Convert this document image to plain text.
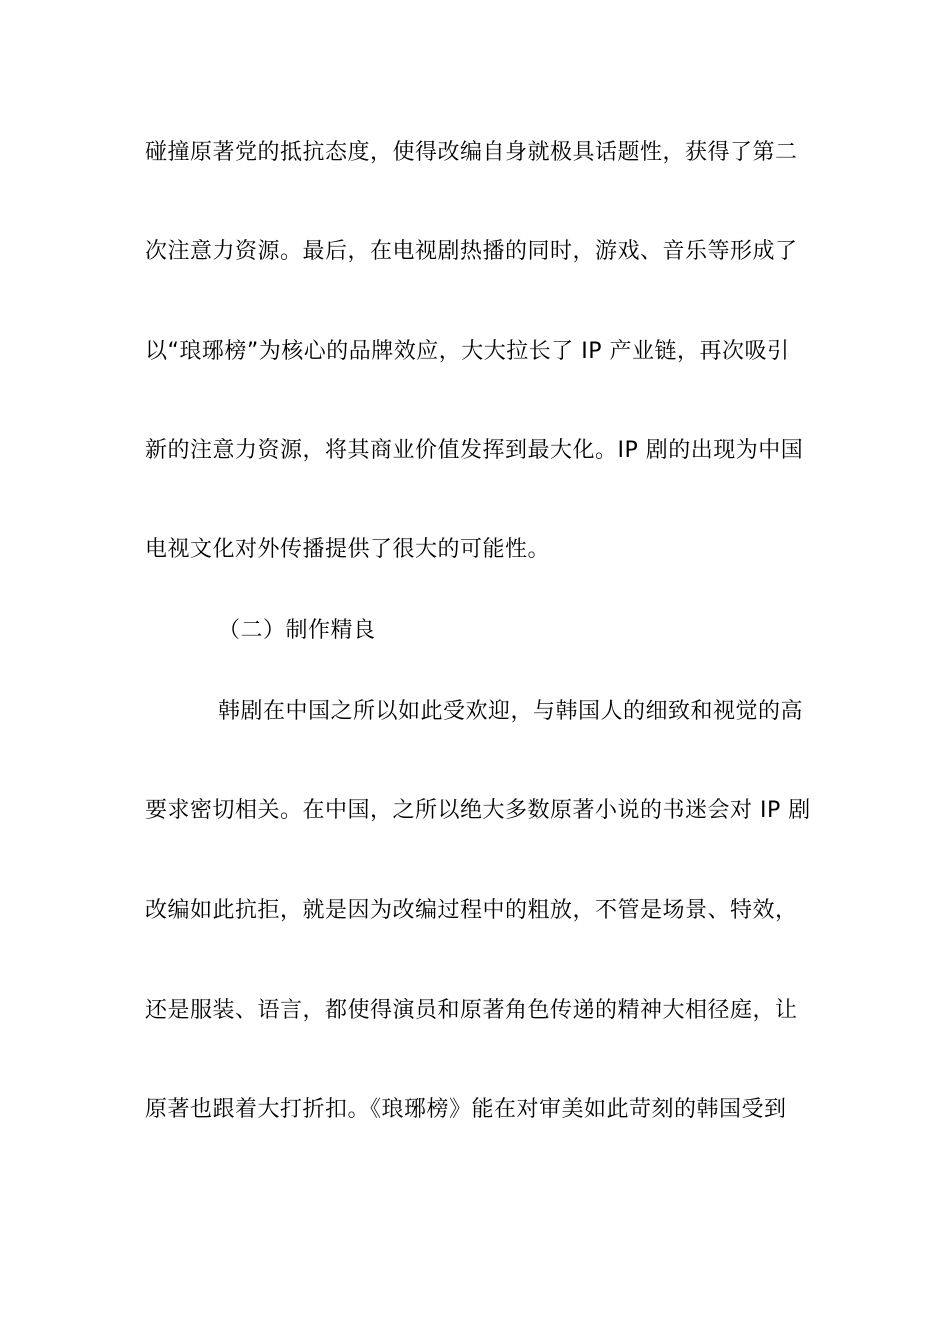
碰撞原著党的抵抗态度，使得改编自身就极具话题性，获得了第二
次注意力资源。最后，在电视剧热播的同时，游戏、音乐等形成了
以“琅琊榜”为核心的品牌效应，大大拉长了 IP 产业链，再次吸引
新的注意力资源，将其商业价值发挥到最大化。IP 剧的出现为中国
电视文化对外传播提供了很大的可能性。
（二）制作精良
韩剧在中国之所以如此受欢迎，与韩国人的细致和视觉的高
要求密切相关。在中国，之所以绝大多数原著小说的书迷会对 IP 剧
改编如此抗拒，就是因为改编过程中的粗放，不管是场景、特效，
还是服装、语言，都使得演员和原著角色传递的精神大相径庭，让
原著也跟着大打折扣。《琅琊榜》能在对审美如此苛刻的韩国受到
